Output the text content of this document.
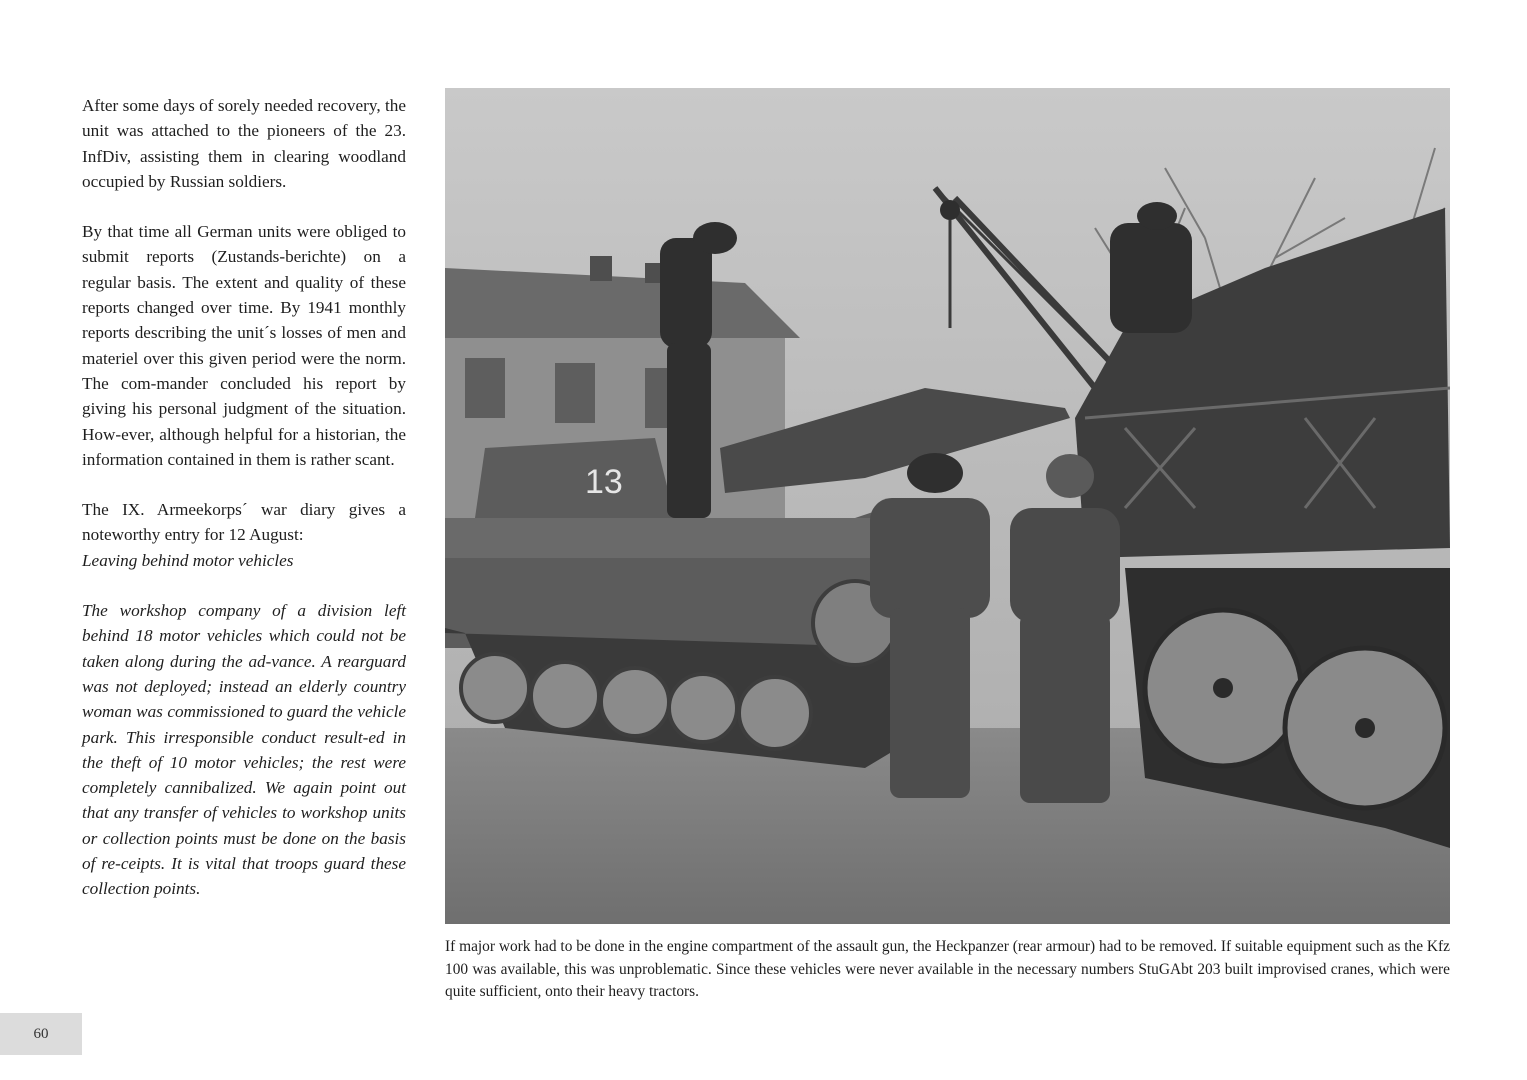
After some days of sorely needed recovery, the unit was attached to the pioneers of the 23. InfDiv, assisting them in clearing woodland occupied by Russian soldiers.

By that time all German units were obliged to submit reports (Zustands-berichte) on a regular basis. The extent and quality of these reports changed over time. By 1941 monthly reports describing the unit´s losses of men and materiel over this given period were the norm. The com-mander concluded his report by giving his personal judgment of the situation. How-ever, although helpful for a historian, the information contained in them is rather scant.

The IX. Armeekorps´ war diary gives a noteworthy entry for 12 August:

Leaving behind motor vehicles

The workshop company of a division left behind 18 motor vehicles which could not be taken along during the ad-vance. A rearguard was not deployed; instead an elderly country woman was commissioned to guard the vehicle park. This irresponsible conduct result-ed in the theft of 10 motor vehicles; the rest were completely cannibalized. We again point out that any transfer of vehicles to workshop units or collection points must be done on the basis of re-ceipts. It is vital that troops guard these collection points.

13

If major work had to be done in the engine compartment of the assault gun, the Heckpanzer (rear armour) had to be removed. If suitable equipment such as the Kfz 100 was available, this was unproblematic. Since these vehicles were never available in the necessary numbers StuGAbt 203 built improvised cranes, which were quite sufficient, onto their heavy tractors.

60
